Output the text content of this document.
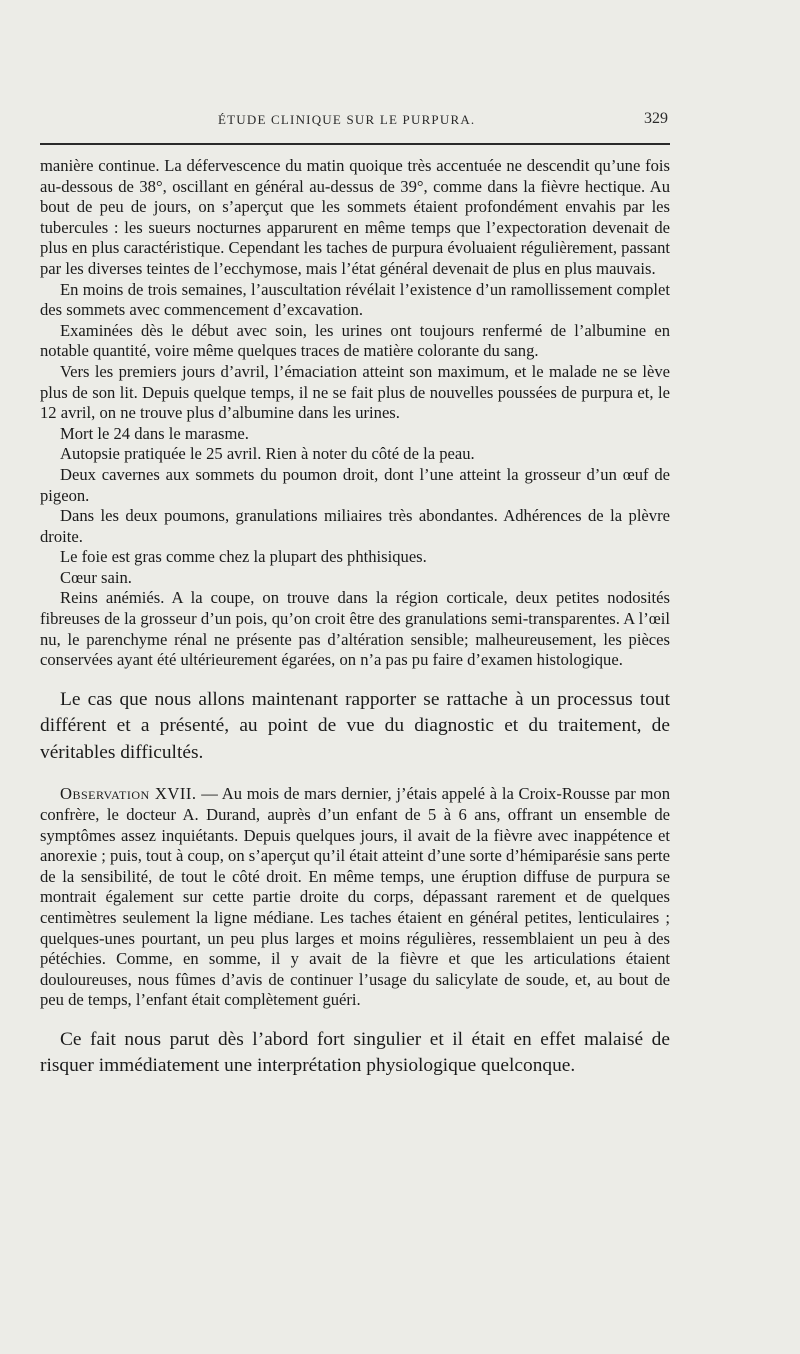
ÉTUDE CLINIQUE SUR LE PURPURA.	329

manière continue. La défervescence du matin quoique très accentuée ne descendit qu’une fois au-dessous de 38°, oscillant en général au-dessus de 39°, comme dans la fièvre hectique. Au bout de peu de jours, on s’aperçut que les sommets étaient profondément envahis par les tubercules : les sueurs nocturnes apparurent en même temps que l’expectoration devenait de plus en plus caractéristique. Cependant les taches de purpura évoluaient régulièrement, passant par les diverses teintes de l’ecchymose, mais l’état général devenait de plus en plus mauvais.

En moins de trois semaines, l’auscultation révélait l’existence d’un ramollissement complet des sommets avec commencement d’excavation.

Examinées dès le début avec soin, les urines ont toujours renfermé de l’albumine en notable quantité, voire même quelques traces de matière colorante du sang.

Vers les premiers jours d’avril, l’émaciation atteint son maximum, et le malade ne se lève plus de son lit. Depuis quelque temps, il ne se fait plus de nouvelles poussées de purpura et, le 12 avril, on ne trouve plus d’albumine dans les urines.

Mort le 24 dans le marasme.

Autopsie pratiquée le 25 avril. Rien à noter du côté de la peau.

Deux cavernes aux sommets du poumon droit, dont l’une atteint la grosseur d’un œuf de pigeon.

Dans les deux poumons, granulations miliaires très abondantes. Adhérences de la plèvre droite.

Le foie est gras comme chez la plupart des phthisiques.

Cœur sain.

Reins anémiés. A la coupe, on trouve dans la région corticale, deux petites nodosités fibreuses de la grosseur d’un pois, qu’on croit être des granulations semi-transparentes. A l’œil nu, le parenchyme rénal ne présente pas d’altération sensible; malheureusement, les pièces conservées ayant été ultérieurement égarées, on n’a pas pu faire d’examen histologique.

Le cas que nous allons maintenant rapporter se rattache à un processus tout différent et a présenté, au point de vue du diagnostic et du traitement, de véritables difficultés.

Observation XVII. — Au mois de mars dernier, j’étais appelé à la Croix-Rousse par mon confrère, le docteur A. Durand, auprès d’un enfant de 5 à 6 ans, offrant un ensemble de symptômes assez inquiétants. Depuis quelques jours, il avait de la fièvre avec inappétence et anorexie ; puis, tout à coup, on s’aperçut qu’il était atteint d’une sorte d’hémiparésie sans perte de la sensibilité, de tout le côté droit. En même temps, une éruption diffuse de purpura se montrait également sur cette partie droite du corps, dépassant rarement et de quelques centimètres seulement la ligne médiane. Les taches étaient en général petites, lenticulaires ; quelques-unes pourtant, un peu plus larges et moins régulières, ressemblaient un peu à des pétéchies. Comme, en somme, il y avait de la fièvre et que les articulations étaient douloureuses, nous fûmes d’avis de continuer l’usage du salicylate de soude, et, au bout de peu de temps, l’enfant était complètement guéri.

Ce fait nous parut dès l’abord fort singulier et il était en effet malaisé de risquer immédiatement une interprétation physiologique quelconque.
